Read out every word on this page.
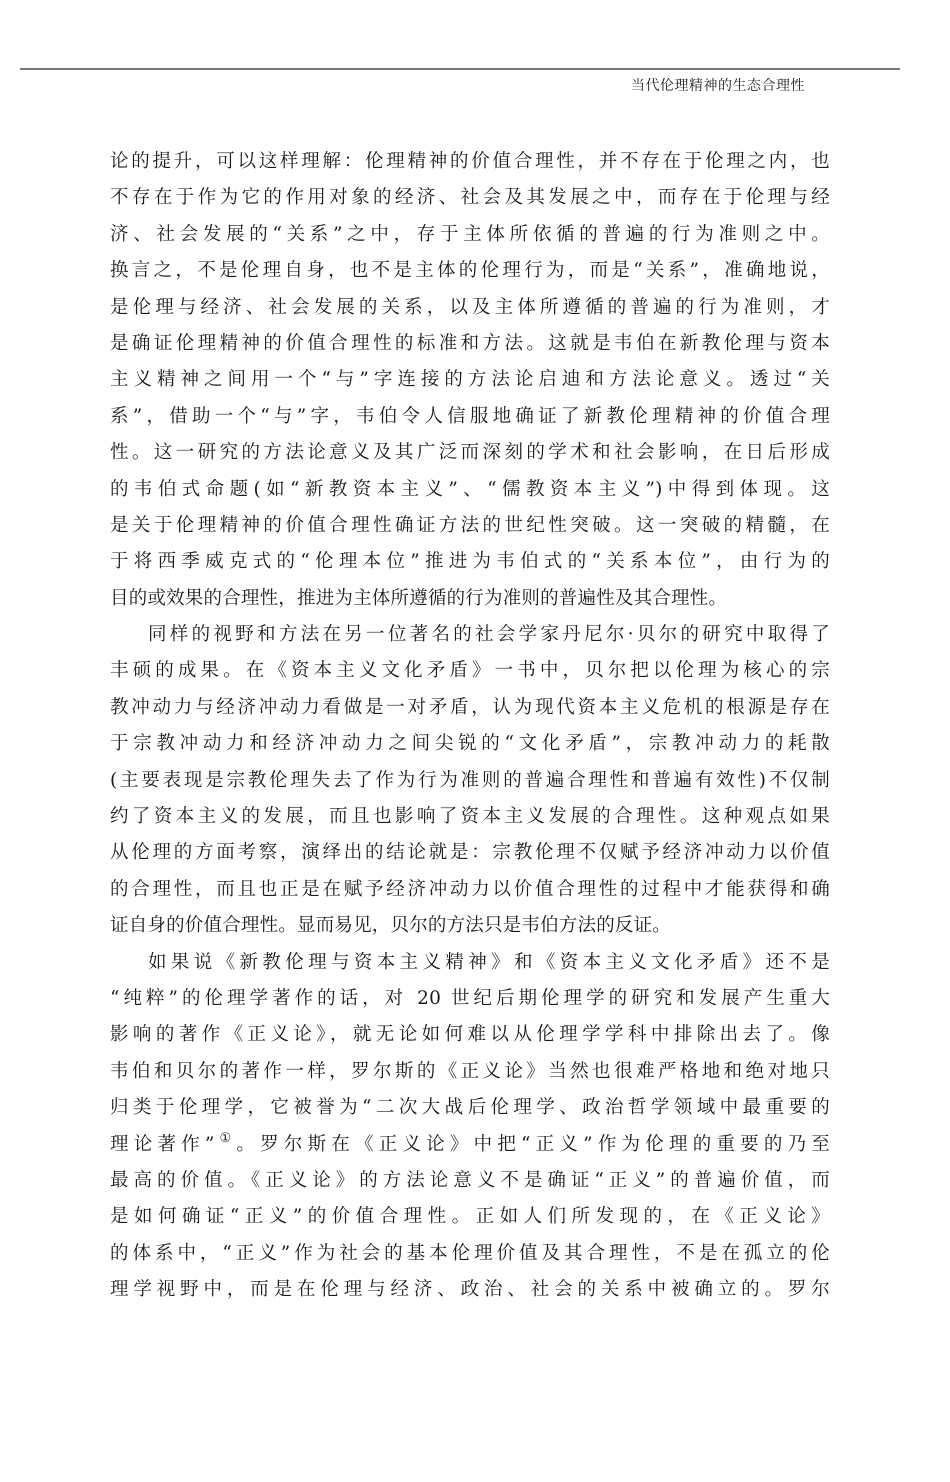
当代伦理精神的生态合理性
论的提升，可以这样理解：伦理精神的价值合理性，并不存在于伦理之内，也
不存在于作为它的作用对象的经济、社会及其发展之中，而存在于伦理与经
济、社会发展的“关系”之中，存于主体所依循的普遍的行为准则之中。
换言之，不是伦理自身，也不是主体的伦理行为，而是“关系”，准确地说，
是伦理与经济、社会发展的关系，以及主体所遵循的普遍的行为准则，才
是确证伦理精神的价值合理性的标准和方法。这就是韦伯在新教伦理与资本
主义精神之间用一个“与”字连接的方法论启迪和方法论意义。透过“关
系”，借助一个“与”字，韦伯令人信服地确证了新教伦理精神的价值合理
性。这一研究的方法论意义及其广泛而深刻的学术和社会影响，在日后形成
的韦伯式命题(如“新教资本主义”、“儒教资本主义”)中得到体现。这
是关于伦理精神的价值合理性确证方法的世纪性突破。这一突破的精髓，在
于将西季威克式的“伦理本位”推进为韦伯式的“关系本位”，由行为的
目的或效果的合理性，推进为主体所遵循的行为准则的普遍性及其合理性。
同样的视野和方法在另一位著名的社会学家丹尼尔·贝尔的研究中取得了
丰硕的成果。在《资本主义文化矛盾》一书中，贝尔把以伦理为核心的宗
教冲动力与经济冲动力看做是一对矛盾，认为现代资本主义危机的根源是存在
于宗教冲动力和经济冲动力之间尖锐的“文化矛盾”，宗教冲动力的耗散
(主要表现是宗教伦理失去了作为行为准则的普遍合理性和普遍有效性)不仅制
约了资本主义的发展，而且也影响了资本主义发展的合理性。这种观点如果
从伦理的方面考察，演绎出的结论就是：宗教伦理不仅赋予经济冲动力以价值
的合理性，而且也正是在赋予经济冲动力以价值合理性的过程中才能获得和确
证自身的价值合理性。显而易见，贝尔的方法只是韦伯方法的反证。
如果说《新教伦理与资本主义精神》和《资本主义文化矛盾》还不是
“纯粹”的伦理学著作的话，对 20 世纪后期伦理学的研究和发展产生重大
影响的著作《正义论》，就无论如何难以从伦理学学科中排除出去了。像
韦伯和贝尔的著作一样，罗尔斯的《正义论》当然也很难严格地和绝对地只
归类于伦理学，它被誉为“二次大战后伦理学、政治哲学领域中最重要的
理论著作”①。罗尔斯在《正义论》中把“正义”作为伦理的重要的乃至
最高的价值。《正义论》的方法论意义不是确证“正义”的普遍价值，而
是如何确证“正义”的价值合理性。正如人们所发现的，在《正义论》
的体系中，“正义”作为社会的基本伦理价值及其合理性，不是在孤立的伦
理学视野中，而是在伦理与经济、政治、社会的关系中被确立的。罗尔
